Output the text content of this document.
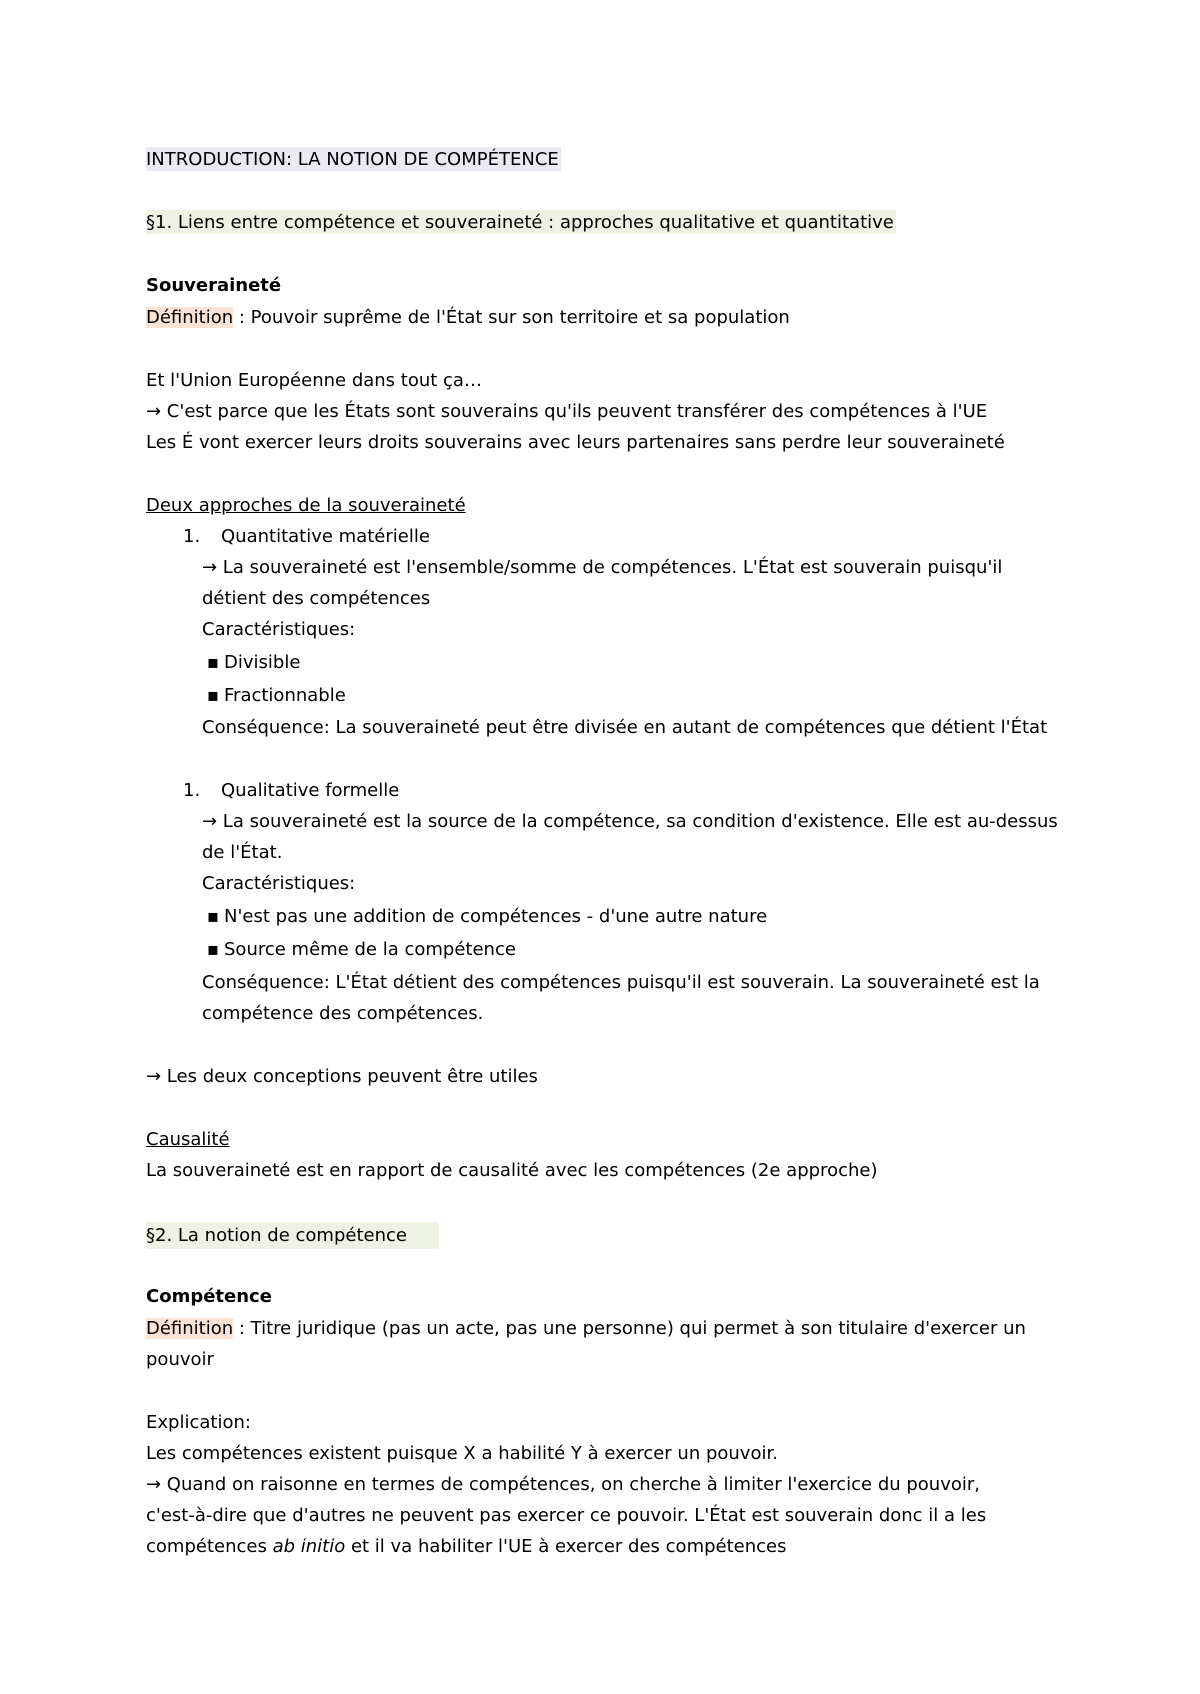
INTRODUCTION: LA NOTION DE COMPÉTENCE
§1. Liens entre compétence et souveraineté : approches qualitative et quantitative
Souveraineté
Définition : Pouvoir suprême de l'État sur son territoire et sa population
Et l'Union Européenne dans tout ça…
→ C'est parce que les États sont souverains qu'ils peuvent transférer des compétences à l'UE
Les É vont exercer leurs droits souverains avec leurs partenaires sans perdre leur souveraineté
Deux approches de la souveraineté
1. Quantitative matérielle
→ La souveraineté est l'ensemble/somme de compétences. L'État est souverain puisqu'il
détient des compétences
Caractéristiques:
▪ Divisible
▪ Fractionnable
Conséquence: La souveraineté peut être divisée en autant de compétences que détient l'État
1. Qualitative formelle
→ La souveraineté est la source de la compétence, sa condition d'existence. Elle est au-dessus
de l'État.
Caractéristiques:
▪ N'est pas une addition de compétences - d'une autre nature
▪ Source même de la compétence
Conséquence: L'État détient des compétences puisqu'il est souverain. La souveraineté est la
compétence des compétences.
→ Les deux conceptions peuvent être utiles
Causalité
La souveraineté est en rapport de causalité avec les compétences (2e approche)
§2. La notion de compétence
Compétence
Définition : Titre juridique (pas un acte, pas une personne) qui permet à son titulaire d'exercer un
pouvoir
Explication:
Les compétences existent puisque X a habilité Y à exercer un pouvoir.
→ Quand on raisonne en termes de compétences, on cherche à limiter l'exercice du pouvoir,
c'est-à-dire que d'autres ne peuvent pas exercer ce pouvoir. L'État est souverain donc il a les
compétences ab initio et il va habiliter l'UE à exercer des compétences
